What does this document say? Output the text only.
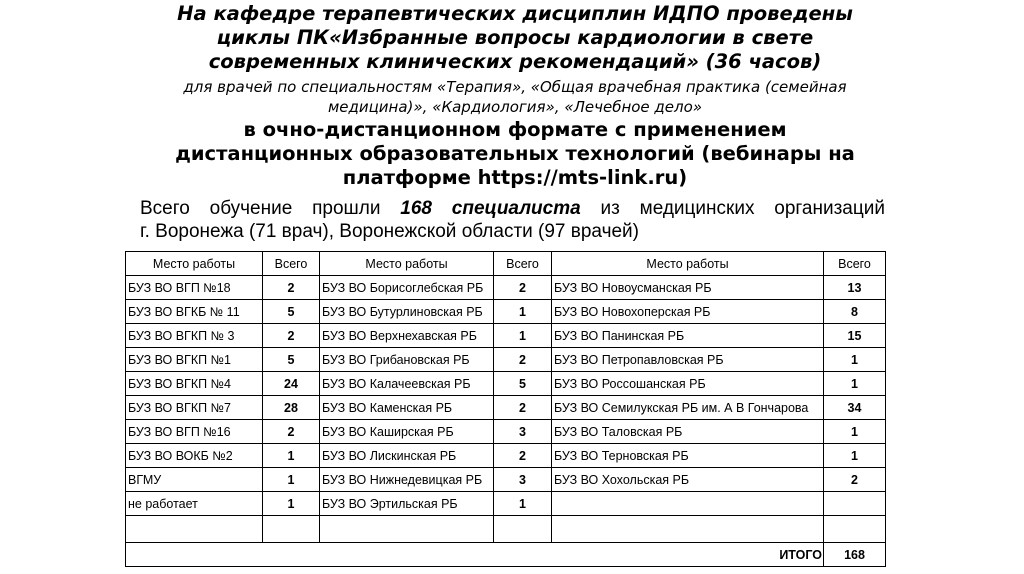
На кафедре терапевтических дисциплин ИДПО проведены
циклы ПК«Избранные вопросы кардиологии в свете
современных клинических рекомендаций» (36 часов)
для врачей по специальностям «Терапия», «Общая врачебная практика (семейная
медицина)», «Кардиология», «Лечебное дело»
в очно-дистанционном формате с применением
дистанционных образовательных технологий (вебинары на
платформе https://mts-link.ru)
Всего обучение прошли 168 специалиста из медицинских организаций
г. Воронежа (71 врач), Воронежской области (97 врачей)
Место работы	Всего	Место работы	Всего	Место работы	Всего
БУЗ ВО ВГП №18	2	БУЗ ВО Борисоглебская РБ	2	БУЗ ВО Новоусманская РБ	13
БУЗ ВО ВГКБ № 11	5	БУЗ ВО Бутурлиновская РБ	1	БУЗ ВО Новохоперская РБ	8
БУЗ ВО ВГКП № 3	2	БУЗ ВО Верхнехавская РБ	1	БУЗ ВО Панинская РБ	15
БУЗ ВО ВГКП №1	5	БУЗ ВО Грибановская РБ	2	БУЗ ВО Петропавловская РБ	1
БУЗ ВО ВГКП №4	24	БУЗ ВО Калачеевская РБ	5	БУЗ ВО Россошанская РБ	1
БУЗ ВО ВГКП №7	28	БУЗ ВО Каменская РБ	2	БУЗ ВО Семилукская РБ им. А В Гончарова	34
БУЗ ВО ВГП №16	2	БУЗ ВО Каширская РБ	3	БУЗ ВО Таловская РБ	1
БУЗ ВО ВОКБ №2	1	БУЗ ВО Лискинская РБ	2	БУЗ ВО Терновская РБ	1
ВГМУ	1	БУЗ ВО Нижнедевицкая РБ	3	БУЗ ВО Хохольская РБ	2
не работает	1	БУЗ ВО Эртильская РБ	1		

ИТОГО					168
